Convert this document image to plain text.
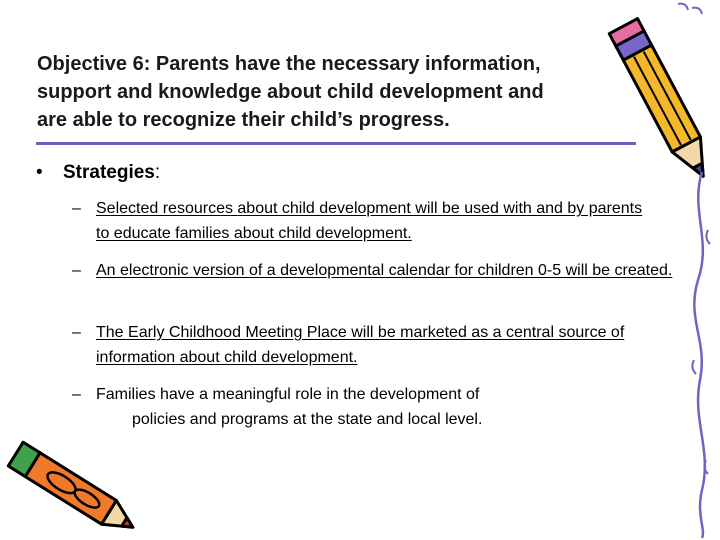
Objective 6: Parents have the necessary information,
support and knowledge about child development and
are able to recognize their child’s progress.
• Strategies:
– Selected resources about child development will be used with and by parents to educate families about child development.
– An electronic version of a developmental calendar for children 0-5 will be created.
– The Early Childhood Meeting Place will be marketed as a central source of information about child development.
– Families have a meaningful role in the development of
policies and programs at the state and local level.
